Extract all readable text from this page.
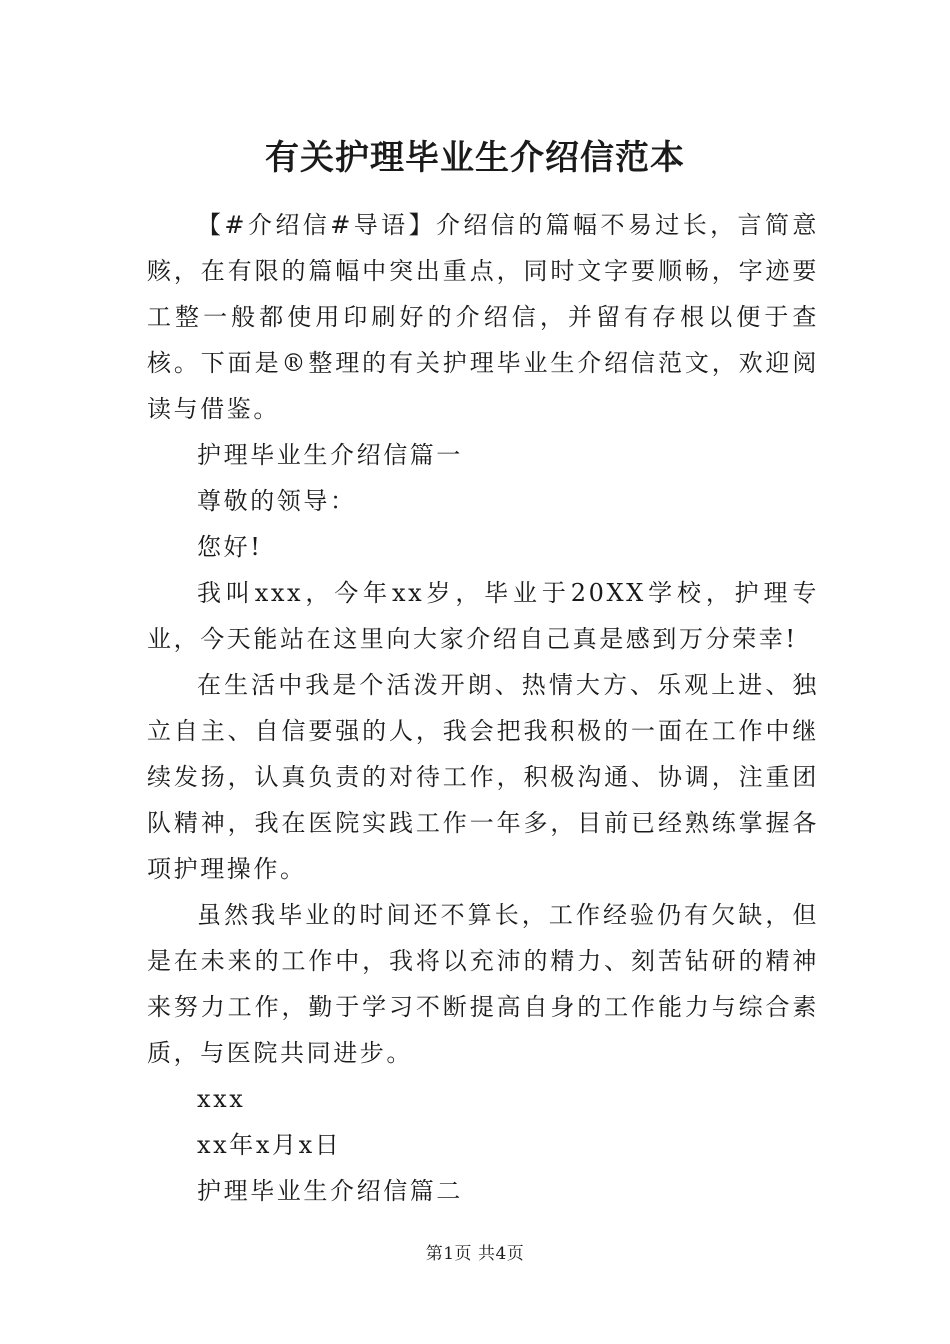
有关护理毕业生介绍信范本

【#介绍信#导语】介绍信的篇幅不易过长，言简意赅，在有限的篇幅中突出重点，同时文字要顺畅，字迹要工整一般都使用印刷好的介绍信，并留有存根以便于查核。下面是®整理的有关护理毕业生介绍信范文，欢迎阅读与借鉴。

护理毕业生介绍信篇一

尊敬的领导：

您好!

我叫xxx，今年xx岁，毕业于20XX学校，护理专业，今天能站在这里向大家介绍自己真是感到万分荣幸!

在生活中我是个活泼开朗、热情大方、乐观上进、独立自主、自信要强的人，我会把我积极的一面在工作中继续发扬，认真负责的对待工作，积极沟通、协调，注重团队精神，我在医院实践工作一年多，目前已经熟练掌握各项护理操作。

虽然我毕业的时间还不算长，工作经验仍有欠缺，但是在未来的工作中，我将以充沛的精力、刻苦钻研的精神来努力工作，勤于学习不断提高自身的工作能力与综合素质，与医院共同进步。

xxx

xx年x月x日

护理毕业生介绍信篇二

第1页 共4页
